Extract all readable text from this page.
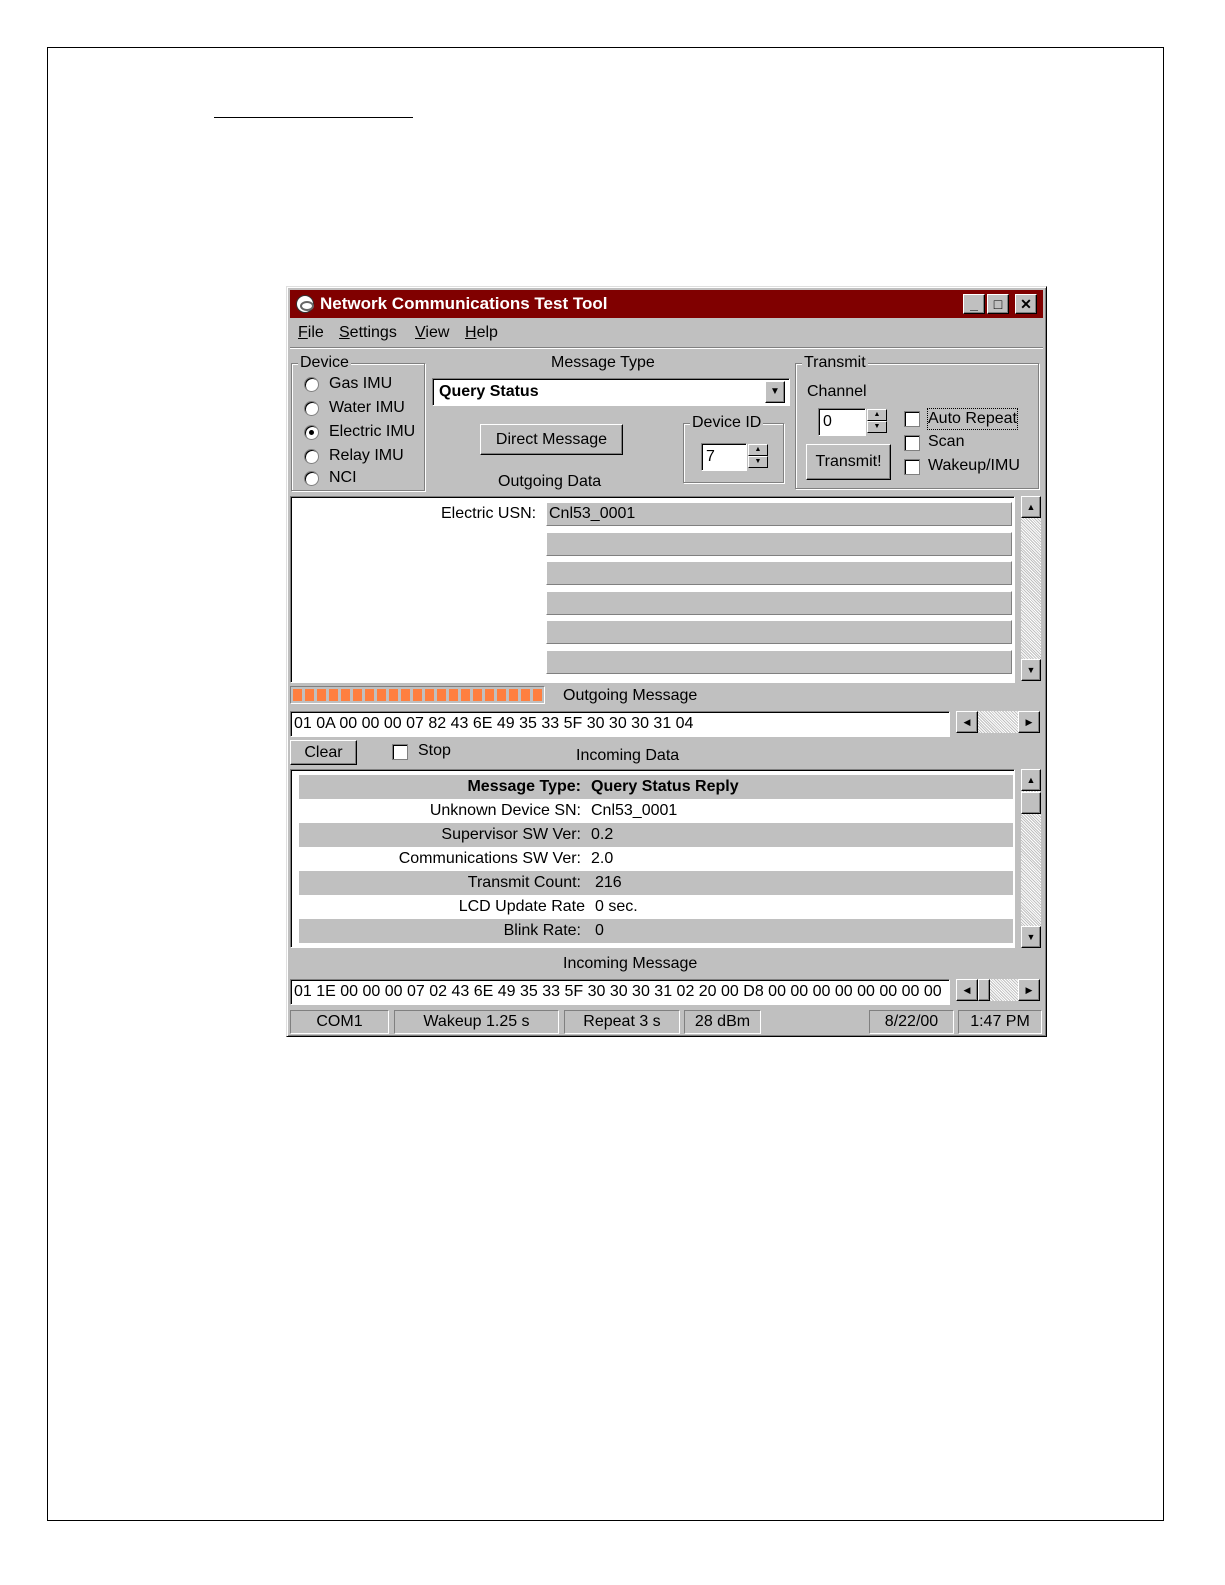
Network Communications Test Tool	_	□	✕
File Settings View Help
Device
Gas IMU
Water IMU
Electric IMU
Relay IMU
NCI
Message Type
Query Status	▼
Direct Message
Device ID
7	▲
▼
Outgoing Data
Transmit
Channel
0	▲
▼
Transmit!
Auto Repeat
Scan
Wakeup/IMU
Electric USN: Cnl53_0001	▲
▼
Outgoing Message
01 0A 00 00 00 07 82 43 6E 49 35 33 5F 30 30 30 31 04	◀	▶
Clear	Stop	Incoming Data
Message Type: Query Status Reply
Unknown Device SN: Cnl53_0001
Supervisor SW Ver: 0.2
Communications SW Ver: 2.0
Transmit Count: 216
LCD Update Rate 0 sec.
Blink Rate: 0
▲
▼
Incoming Message
01 1E 00 00 00 07 02 43 6E 49 35 33 5F 30 30 30 31 02 20 00 D8 00 00 00 00 00 00 00 00	◀	▶
COM1	Wakeup 1.25 s	Repeat 3 s	28 dBm	8/22/00	1:47 PM
